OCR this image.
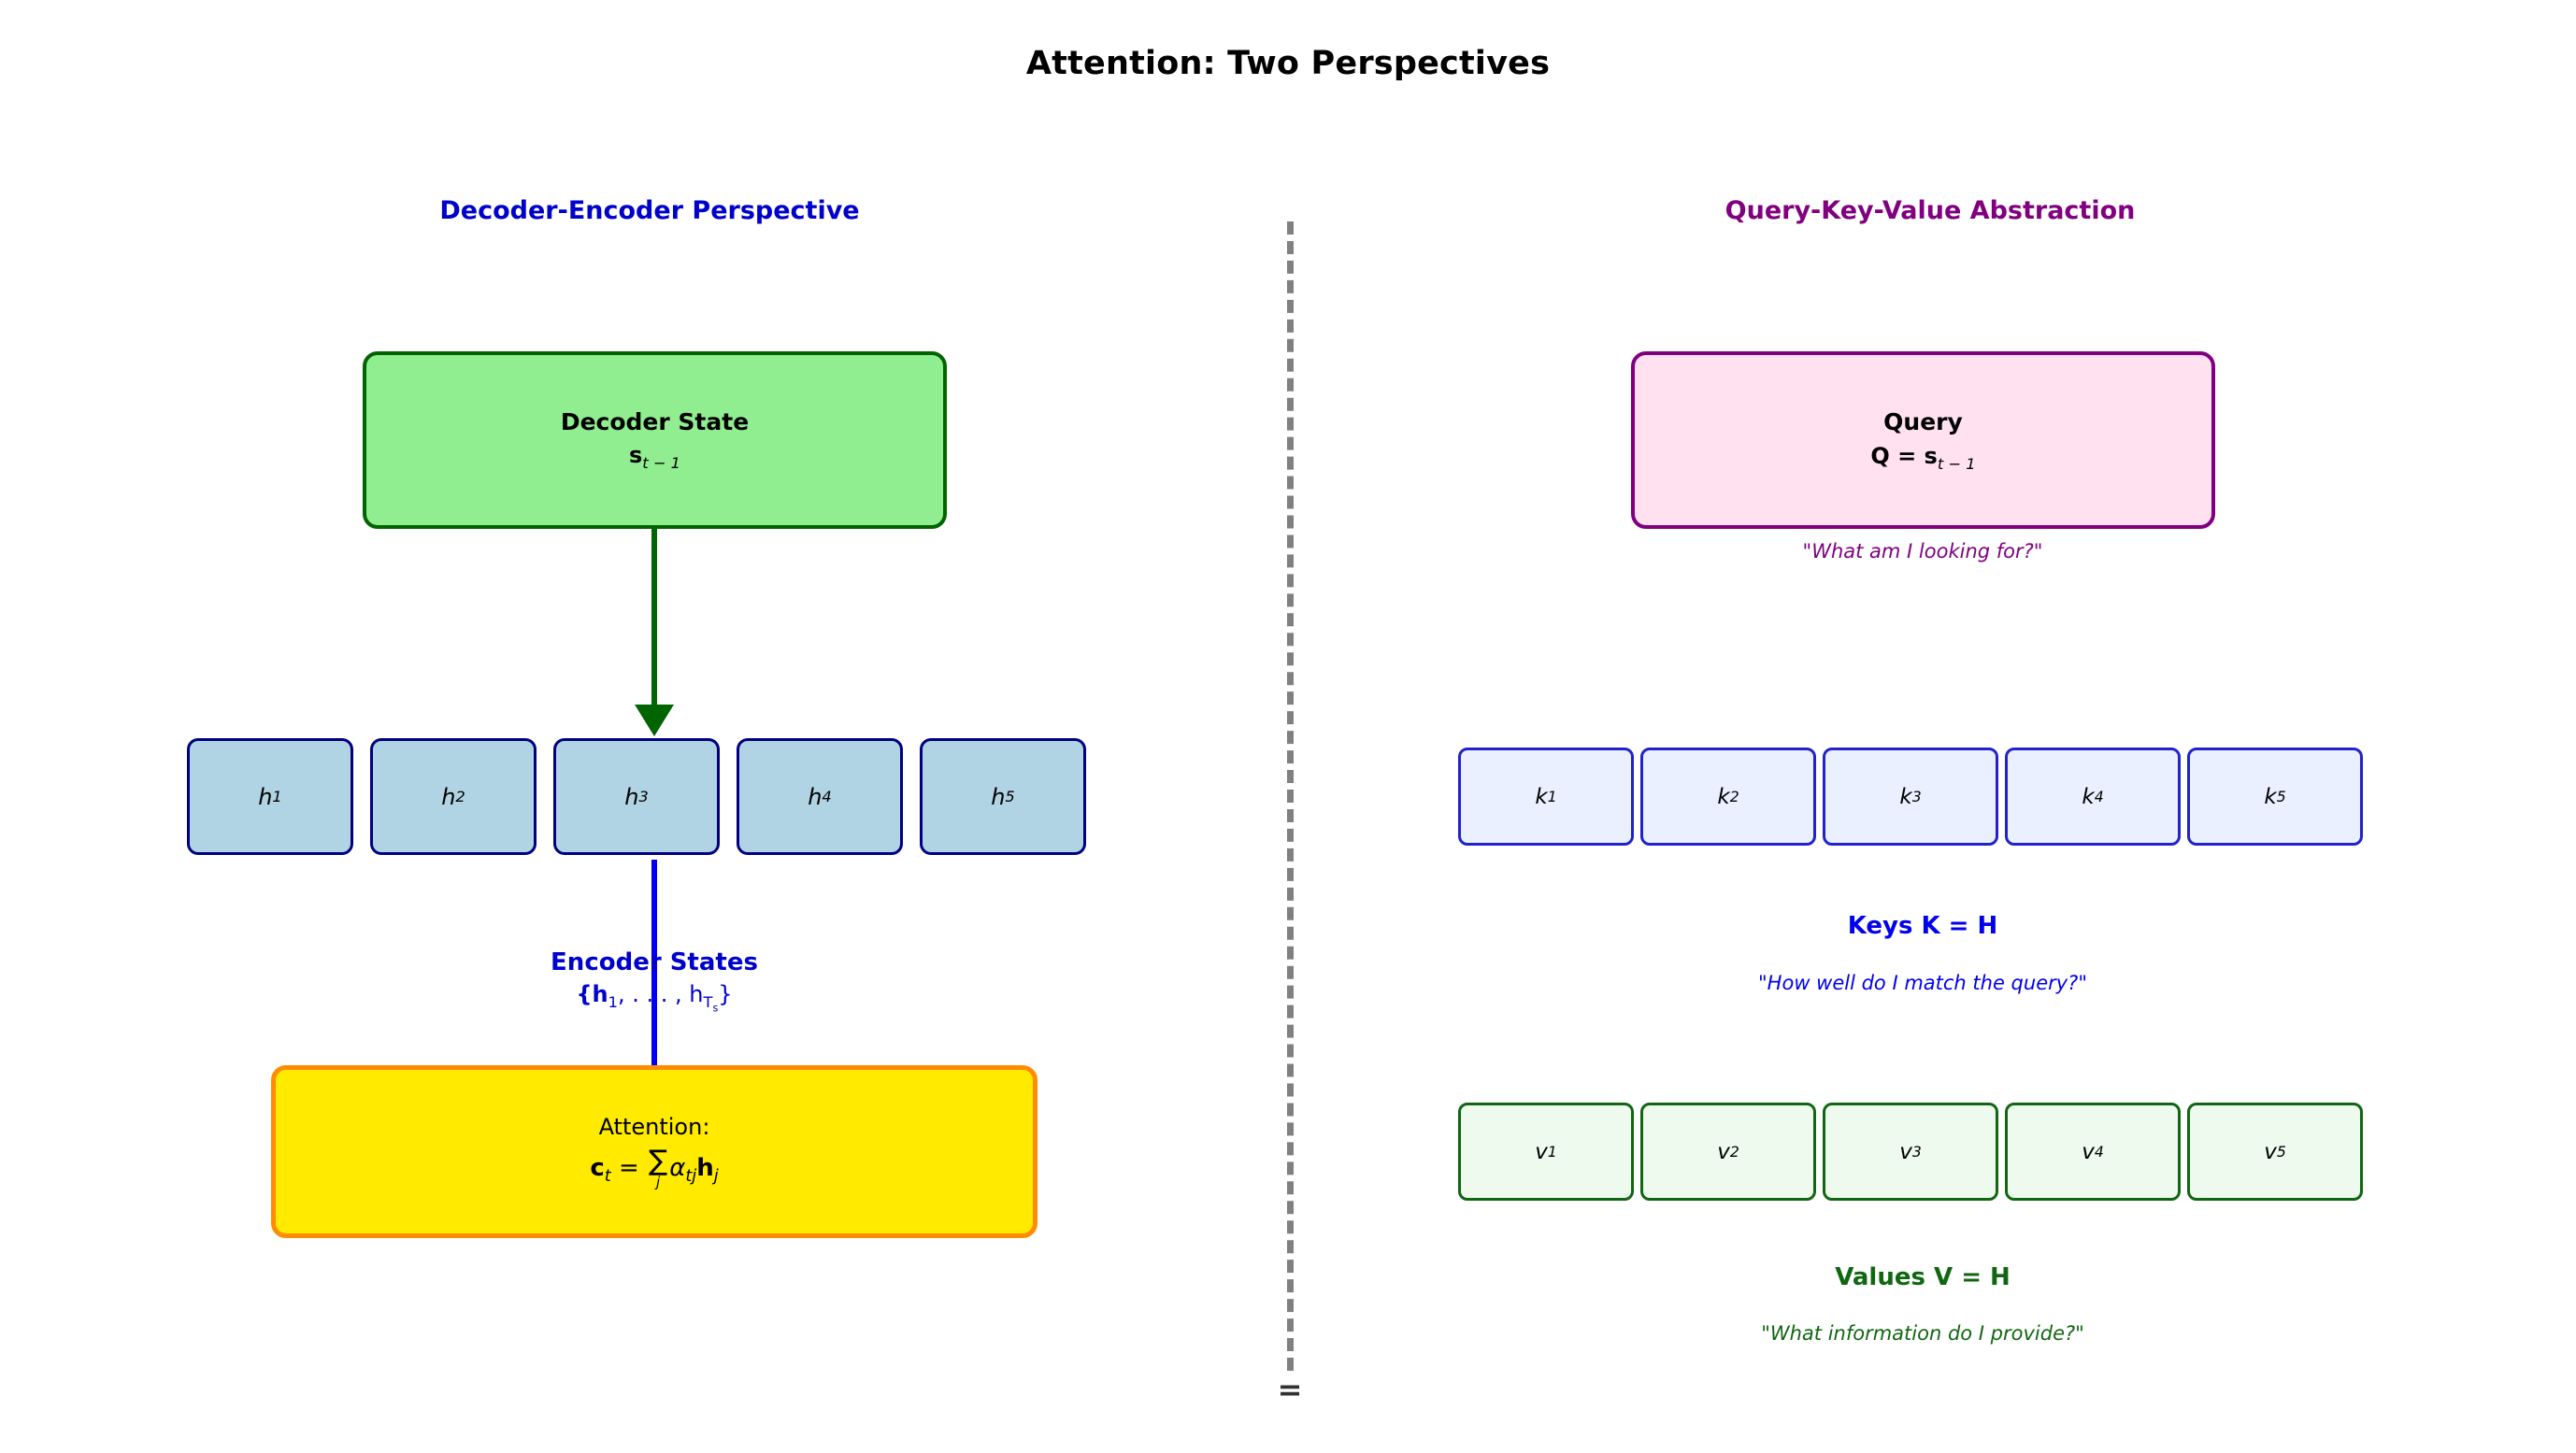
Attention: Two Perspectives
Decoder-Encoder Perspective	Query-Key-Value Abstraction
=
Decoder State
$s_{t - 1}$
h 1	h 2	h 3	h 4	h 5
Encoder States
{$h_1$, . . . , $h_{T_s}$}
Attention:
$c_t$ = ∑
j $\alpha_{tj}h_j$
Query
$Q = s_{t - 1}$
"What am I looking for?"
k 1	k 2	k 3	k 4	k 5
Keys K = H
"How well do I match the query?"
v 1	v 2	v 3	v 4	v 5
Values V = H
"What information do I provide?"
